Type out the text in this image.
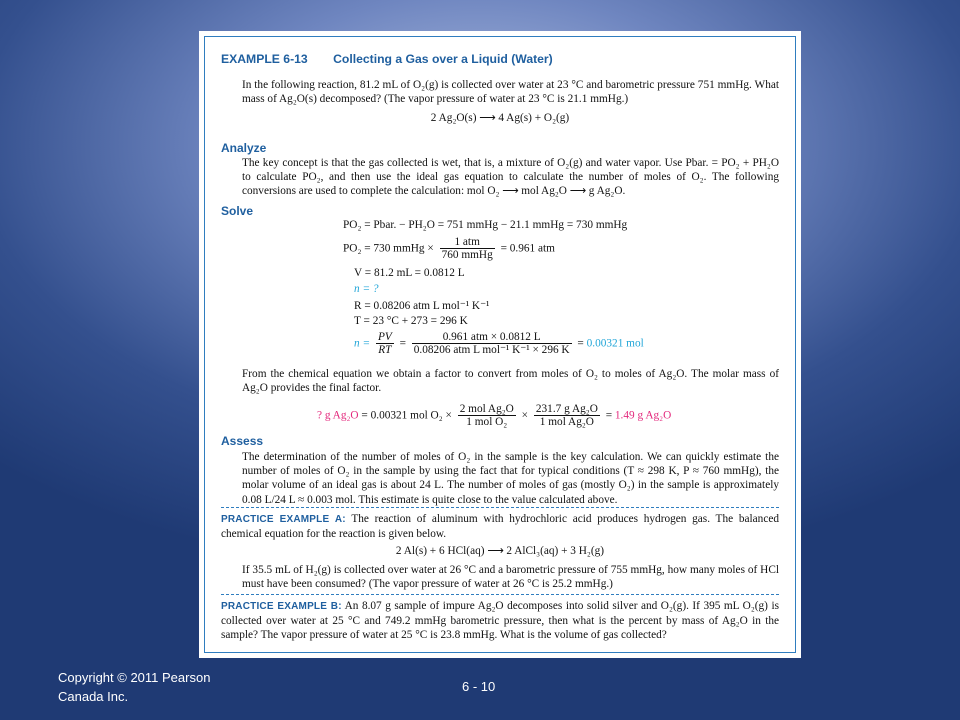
EXAMPLE 6-13 Collecting a Gas over a Liquid (Water)
In the following reaction, 81.2 mL of O₂(g) is collected over water at 23 °C and barometric pressure 751 mmHg. What mass of Ag₂O(s) decomposed? (The vapor pressure of water at 23 °C is 21.1 mmHg.)
2 Ag₂O(s) ⟶ 4 Ag(s) + O₂(g)
Analyze
The key concept is that the gas collected is wet, that is, a mixture of O₂(g) and water vapor. Use Pbar. = PO₂ + PH₂O to calculate PO₂, and then use the ideal gas equation to calculate the number of moles of O₂. The following conversions are used to complete the calculation: mol O₂ ⟶ mol Ag₂O ⟶ g Ag₂O.
Solve
PO₂ = Pbar. − PH₂O = 751 mmHg − 21.1 mmHg = 730 mmHg
PO₂ = 730 mmHg × $\frac{\text{1 atm}}{\text{760 mmHg}} = 0.961$ atm
V = 81.2 mL = 0.0812 L
n = ?
R = 0.08206 atm L mol⁻¹ K⁻¹
T = 23 °C + 273 = 296 K
$n = \frac{PV}{RT} = \frac{\text{0.961 atm × 0.0812 L}}{\text{0.08206 atm L mol⁻¹ K⁻¹ × 296 K}} = 0.00321$ mol
From the chemical equation we obtain a factor to convert from moles of O₂ to moles of Ag₂O. The molar mass of Ag₂O provides the final factor.
? g Ag₂O = 0.00321 mol $O_2 \times \frac{\text{2 mol Ag₂O}}{\text{1 mol O₂}} \times \frac{\text{231.7 g Ag₂O}}{\text{1 mol Ag₂O}} = 1.49$ g Ag₂O
Assess
The determination of the number of moles of O₂ in the sample is the key calculation. We can quickly estimate the number of moles of O₂ in the sample by using the fact that for typical conditions (T ≈ 298 K, P ≈ 760 mmHg), the molar volume of an ideal gas is about 24 L. The number of moles of gas (mostly O₂) in the sample is approximately 0.08 L/24 L ≈ 0.003 mol. This estimate is quite close to the value calculated above.
PRACTICE EXAMPLE A: The reaction of aluminum with hydrochloric acid produces hydrogen gas. The balanced chemical equation for the reaction is given below.
2 Al(s) + 6 HCl(aq) ⟶ 2 AlCl₃(aq) + 3 H₂(g)
If 35.5 mL of H₂(g) is collected over water at 26 °C and a barometric pressure of 755 mmHg, how many moles of HCl must have been consumed? (The vapor pressure of water at 26 °C is 25.2 mmHg.)
PRACTICE EXAMPLE B: An 8.07 g sample of impure Ag₂O decomposes into solid silver and O₂(g). If 395 mL O₂(g) is collected over water at 25 °C and 749.2 mmHg barometric pressure, then what is the percent by mass of Ag₂O in the sample? The vapor pressure of water at 25 °C is 23.8 mmHg. What is the volume of gas collected?
Copyright © 2011 Pearson
Canada Inc.
6 - 10
